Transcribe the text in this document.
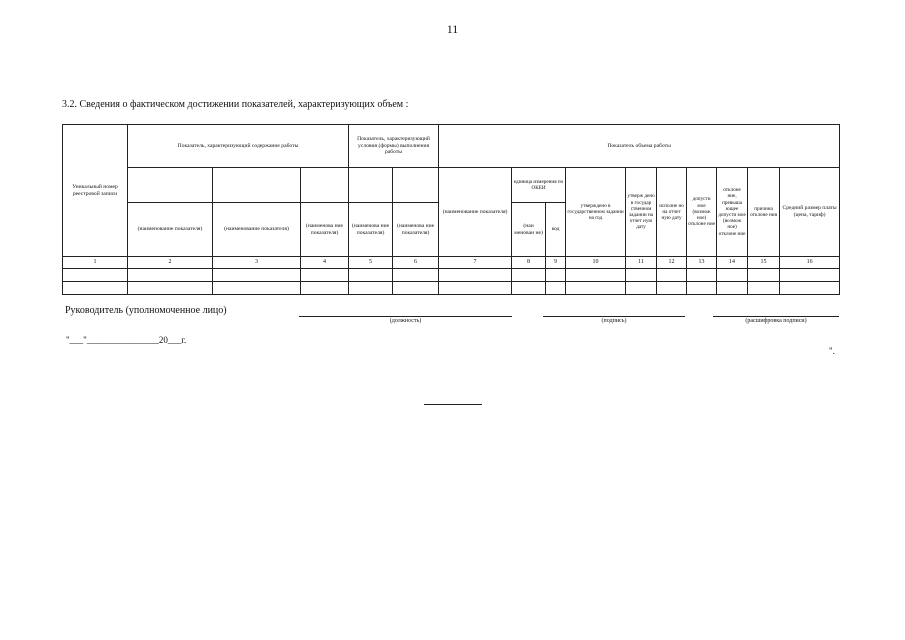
11
3.2. Сведения о фактическом достижении показателей, характеризующих объем :
Уникальный номер реестровой записи	Показатель, характеризующий содержание работы			Показатель, характеризующий условия (формы) выполнения работы		Показатель объема работы									
						(наименование показателя)	единица измерения по ОКЕИ		утверждено в государственном задании на год	утверж дено в государ ственном задании на отчет ную дату	исполне но на отчет ную дату	допусти мое (возмож ное) отклоне ние	отклоне ние, превыша ющее допусти мое (возмож ное) отклоне ние	причина отклоне ния	Средний размер платы (цена, тариф)
	(наименование показателя)	(наименование показателя)	(наименова ние показателя)	(наименова ние показателя)	(наименова ние показателя)		(наи менован ие)	код							
1	2	3	4	5	6	7	8	9	10	11	12	13	14	15	16

Руководитель (уполномоченное лицо)
(должность)	(подпись)	(расшифровка подписи)
"___"________________20___г.
".
